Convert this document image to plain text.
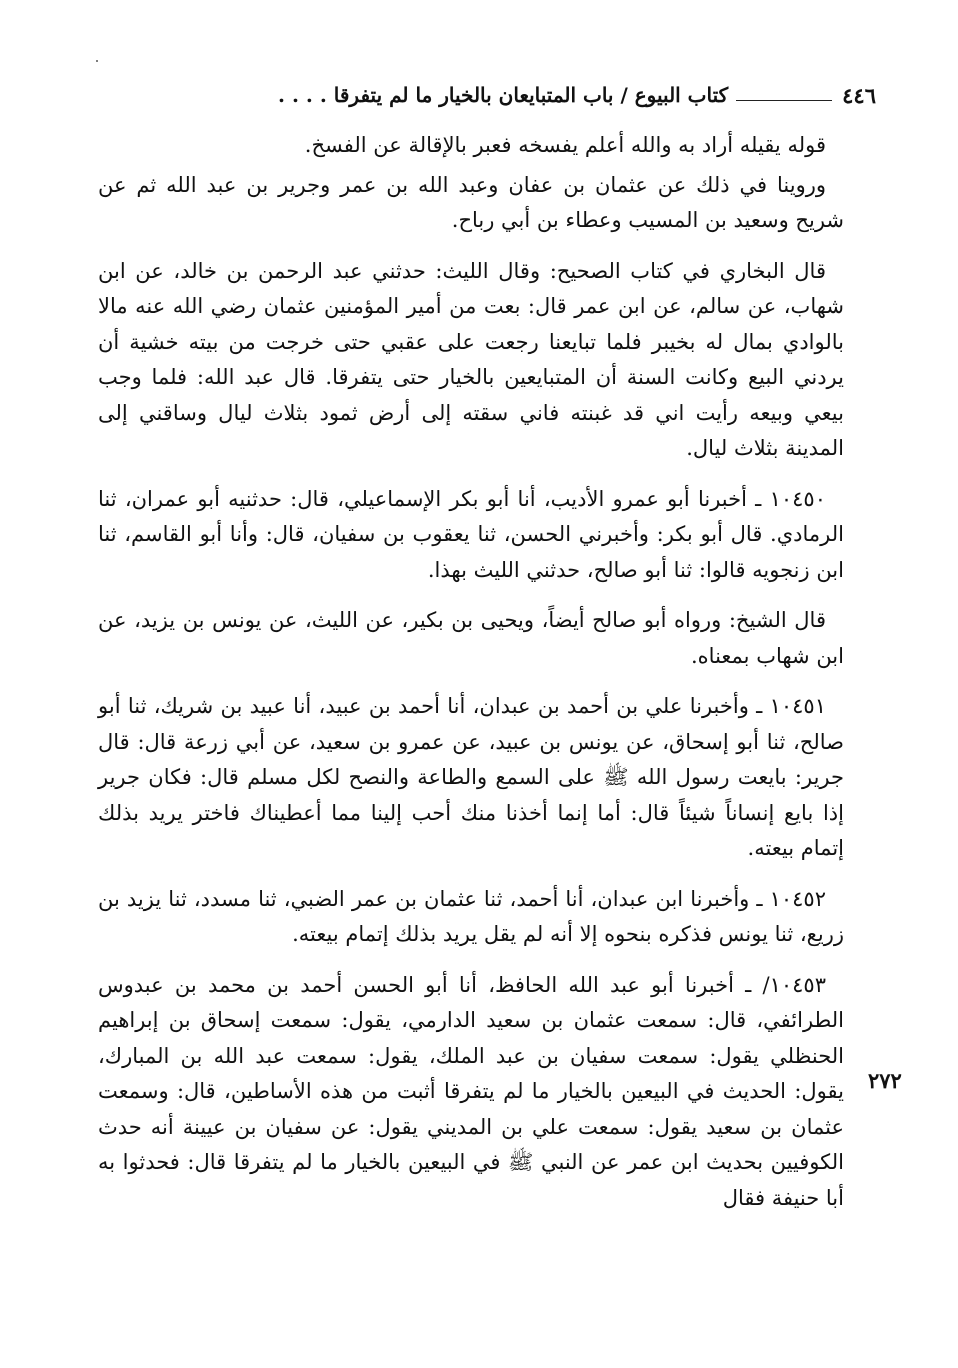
٤٤٦
كتاب البيوع / باب المتبايعان بالخيار ما لم يتفرقا . . . .

قوله يقيله أراد به والله أعلم يفسخه فعبر بالإقالة عن الفسخ.

وروينا في ذلك عن عثمان بن عفان وعبد الله بن عمر وجرير بن عبد الله ثم عن شريح وسعيد بن المسيب وعطاء بن أبي رباح.

قال البخاري في كتاب الصحيح: وقال الليث: حدثني عبد الرحمن بن خالد، عن ابن شهاب، عن سالم، عن ابن عمر قال: بعت من أمير المؤمنين عثمان رضي الله عنه مالا بالوادي بمال له بخيبر فلما تبايعنا رجعت على عقبي حتى خرجت من بيته خشية أن يردني البيع وكانت السنة أن المتبايعين بالخيار حتى يتفرقا. قال عبد الله: فلما وجب بيعي وبيعه رأيت اني قد غبنته فاني سقته إلى أرض ثمود بثلاث ليال وساقني إلى المدينة بثلاث ليال.

١٠٤٥٠ ـ أخبرنا أبو عمرو الأديب، أنا أبو بكر الإسماعيلي، قال: حدثنيه أبو عمران، ثنا الرمادي. قال أبو بكر: وأخبرني الحسن، ثنا يعقوب بن سفيان، قال: وأنا أبو القاسم، ثنا ابن زنجويه قالوا: ثنا أبو صالح، حدثني الليث بهذا.

قال الشيخ: ورواه أبو صالح أيضاً، ويحيى بن بكير، عن الليث، عن يونس بن يزيد، عن ابن شهاب بمعناه.

١٠٤٥١ ـ وأخبرنا علي بن أحمد بن عبدان، أنا أحمد بن عبيد، أنا عبيد بن شريك، ثنا أبو صالح، ثنا أبو إسحاق، عن يونس بن عبيد، عن عمرو بن سعيد، عن أبي زرعة قال: قال جرير: بايعت رسول الله ﷺ على السمع والطاعة والنصح لكل مسلم قال: فكان جرير إذا بايع إنساناً شيئاً قال: أما إنما أخذنا منك أحب إلينا مما أعطيناك فاختر يريد بذلك إتمام بيعته.

١٠٤٥٢ ـ وأخبرنا ابن عبدان، أنا أحمد، ثنا عثمان بن عمر الضبي، ثنا مسدد، ثنا يزيد بن زريع، ثنا يونس فذكره بنحوه إلا أنه لم يقل يريد بذلك إتمام بيعته.

١٠٤٥٣/ ـ أخبرنا أبو عبد الله الحافظ، أنا أبو الحسن أحمد بن محمد بن عبدوس الطرائفي، قال: سمعت عثمان بن سعيد الدارمي، يقول: سمعت إسحاق بن إبراهيم الحنظلي يقول: سمعت سفيان بن عبد الملك، يقول: سمعت عبد الله بن المبارك، يقول: الحديث في البيعين بالخيار ما لم يتفرقا أثبت من هذه الأساطين، قال: وسمعت عثمان بن سعيد يقول: سمعت علي بن المديني يقول: عن سفيان بن عيينة أنه حدث الكوفيين بحديث ابن عمر عن النبي ﷺ في البيعين بالخيار ما لم يتفرقا قال: فحدثوا به أبا حنيفة فقال

٢٧٢
